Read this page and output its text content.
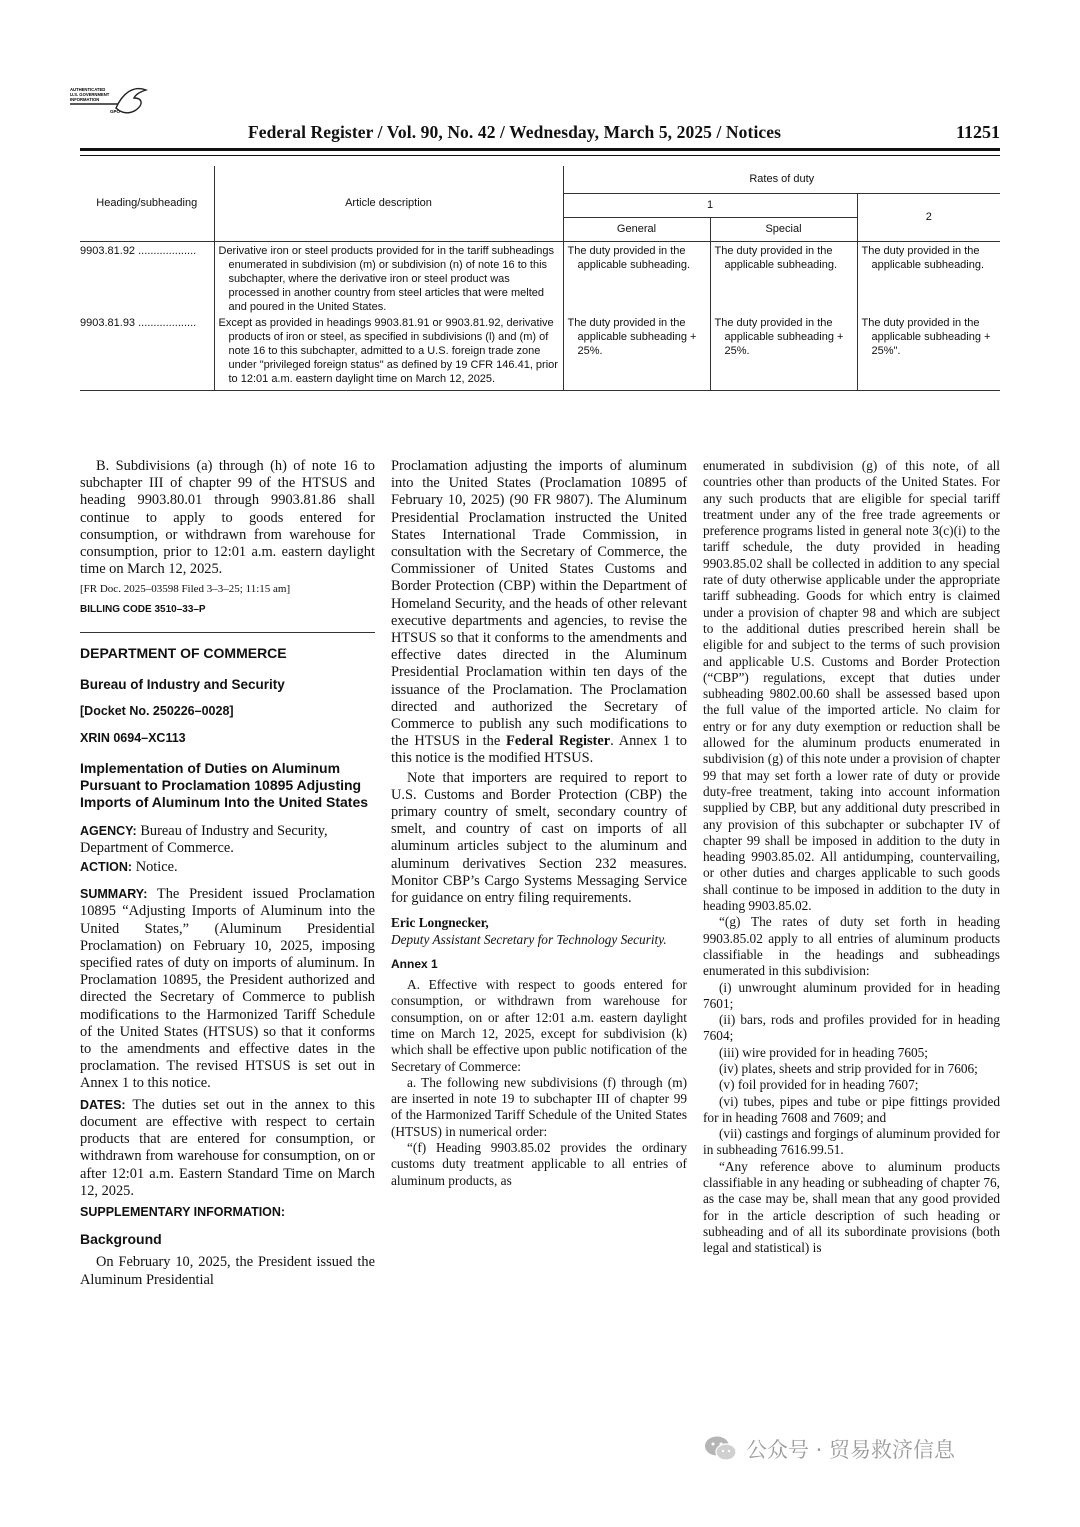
AUTHENTICATED
U.S. GOVERNMENT
INFORMATION
GPO
Federal Register / Vol. 90, No. 42 / Wednesday, March 5, 2025 / Notices	11251
Heading/subheading	Article description	Rates of duty		
		1		2
		General	Special	
9903.81.92 ...................	Derivative iron or steel products provided for in the tariff subheadings enumerated in subdivision (m) or subdivision (n) of note 16 to this subchapter, where the derivative iron or steel product was processed in another country from steel articles that were melted and poured in the United States.	The duty provided in the applicable subheading.	The duty provided in the applicable subheading.	The duty provided in the applicable subheading.
9903.81.93 ...................	Except as provided in headings 9903.81.91 or 9903.81.92, derivative products of iron or steel, as specified in subdivisions (l) and (m) of note 16 to this subchapter, admitted to a U.S. foreign trade zone under "privileged foreign status" as defined by 19 CFR 146.41, prior to 12:01 a.m. eastern daylight time on March 12, 2025.	The duty provided in the applicable subheading + 25%.	The duty provided in the applicable subheading + 25%.	The duty provided in the applicable subheading + 25%".

B. Subdivisions (a) through (h) of note 16 to subchapter III of chapter 99 of the HTSUS and heading 9903.80.01 through 9903.81.86 shall continue to apply to goods entered for consumption, or withdrawn from warehouse for consumption, prior to 12:01 a.m. eastern daylight time on March 12, 2025.

[FR Doc. 2025–03598 Filed 3–3–25; 11:15 am]

BILLING CODE 3510–33–P

DEPARTMENT OF COMMERCE

Bureau of Industry and Security

[Docket No. 250226–0028]

XRIN 0694–XC113

Implementation of Duties on Aluminum Pursuant to Proclamation 10895 Adjusting Imports of Aluminum Into the United States

AGENCY: Bureau of Industry and Security, Department of Commerce.

ACTION: Notice.

SUMMARY: The President issued Proclamation 10895 “Adjusting Imports of Aluminum into the United States,” (Aluminum Presidential Proclamation) on February 10, 2025, imposing specified rates of duty on imports of aluminum. In Proclamation 10895, the President authorized and directed the Secretary of Commerce to publish modifications to the Harmonized Tariff Schedule of the United States (HTSUS) so that it conforms to the amendments and effective dates in the proclamation. The revised HTSUS is set out in Annex 1 to this notice.

DATES: The duties set out in the annex to this document are effective with respect to certain products that are entered for consumption, or withdrawn from warehouse for consumption, on or after 12:01 a.m. Eastern Standard Time on March 12, 2025.

SUPPLEMENTARY INFORMATION:

Background

On February 10, 2025, the President issued the Aluminum Presidential

Proclamation adjusting the imports of aluminum into the United States (Proclamation 10895 of February 10, 2025) (90 FR 9807). The Aluminum Presidential Proclamation instructed the United States International Trade Commission, in consultation with the Secretary of Commerce, the Commissioner of United States Customs and Border Protection (CBP) within the Department of Homeland Security, and the heads of other relevant executive departments and agencies, to revise the HTSUS so that it conforms to the amendments and effective dates directed in the Aluminum Presidential Proclamation within ten days of the issuance of the Proclamation. The Proclamation directed and authorized the Secretary of Commerce to publish any such modifications to the HTSUS in the Federal Register. Annex 1 to this notice is the modified HTSUS.

Note that importers are required to report to U.S. Customs and Border Protection (CBP) the primary country of smelt, secondary country of smelt, and country of cast on imports of all aluminum articles subject to the aluminum and aluminum derivatives Section 232 measures. Monitor CBP’s Cargo Systems Messaging Service for guidance on entry filing requirements.

Eric Longnecker,

Deputy Assistant Secretary for Technology Security.

Annex 1

A. Effective with respect to goods entered for consumption, or withdrawn from warehouse for consumption, on or after 12:01 a.m. eastern daylight time on March 12, 2025, except for subdivision (k) which shall be effective upon public notification of the Secretary of Commerce:

a. The following new subdivisions (f) through (m) are inserted in note 19 to subchapter III of chapter 99 of the Harmonized Tariff Schedule of the United States (HTSUS) in numerical order:

“(f) Heading 9903.85.02 provides the ordinary customs duty treatment applicable to all entries of aluminum products, as

enumerated in subdivision (g) of this note, of all countries other than products of the United States. For any such products that are eligible for special tariff treatment under any of the free trade agreements or preference programs listed in general note 3(c)(i) to the tariff schedule, the duty provided in heading 9903.85.02 shall be collected in addition to any special rate of duty otherwise applicable under the appropriate tariff subheading. Goods for which entry is claimed under a provision of chapter 98 and which are subject to the additional duties prescribed herein shall be eligible for and subject to the terms of such provision and applicable U.S. Customs and Border Protection (“CBP”) regulations, except that duties under subheading 9802.00.60 shall be assessed based upon the full value of the imported article. No claim for entry or for any duty exemption or reduction shall be allowed for the aluminum products enumerated in subdivision (g) of this note under a provision of chapter 99 that may set forth a lower rate of duty or provide duty-free treatment, taking into account information supplied by CBP, but any additional duty prescribed in any provision of this subchapter or subchapter IV of chapter 99 shall be imposed in addition to the duty in heading 9903.85.02. All antidumping, countervailing, or other duties and charges applicable to such goods shall continue to be imposed in addition to the duty in heading 9903.85.02.

“(g) The rates of duty set forth in heading 9903.85.02 apply to all entries of aluminum products classifiable in the headings and subheadings enumerated in this subdivision:

(i) unwrought aluminum provided for in heading 7601;

(ii) bars, rods and profiles provided for in heading 7604;

(iii) wire provided for in heading 7605;

(iv) plates, sheets and strip provided for in 7606;

(v) foil provided for in heading 7607;

(vi) tubes, pipes and tube or pipe fittings provided for in heading 7608 and 7609; and

(vii) castings and forgings of aluminum provided for in subheading 7616.99.51.

“Any reference above to aluminum products classifiable in any heading or subheading of chapter 76, as the case may be, shall mean that any good provided for in the article description of such heading or subheading and of all its subordinate provisions (both legal and statistical) is

公众号 · 贸易救济信息
